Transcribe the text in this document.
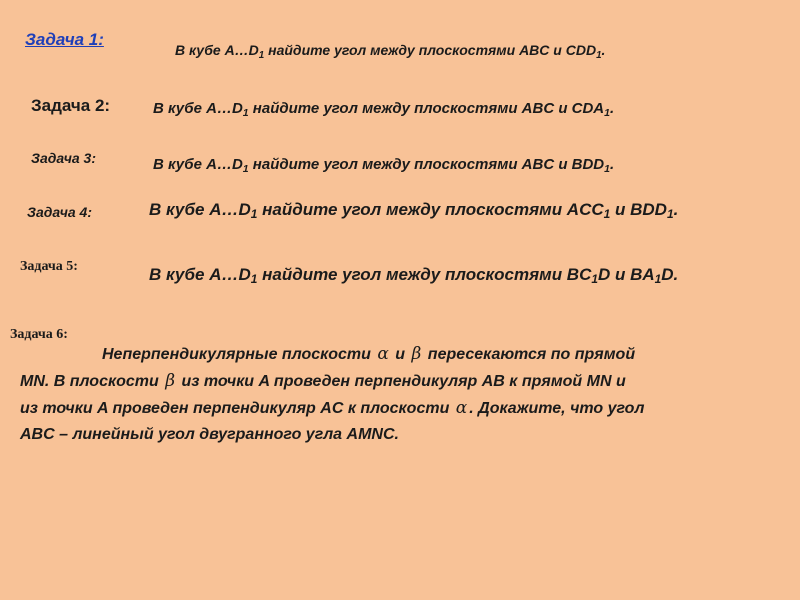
Задача 1:
В кубе $A\dots D_1$ найдите угол между плоскостями ABC и $CDD_1$.
Задача 2:	В кубе $A\dots D_1$ найдите угол между плоскостями ABC и $CDA_1$.
Задача 3:	В кубе $A\dots D_1$ найдите угол между плоскостями ABC и $BDD_1$.
Задача 4:	В кубе $A\dots D_1$ найдите угол между плоскостями $ACC_1$ и $BDD_1$.
Задача 5:	В кубе $A\dots D_1$ найдите угол между плоскостями $BC_1D$ и $BA_1D$.
Задача 6:
Неперпендикулярные плоскости α и β пересекаются по прямой
MN. В плоскости β из точки A проведен перпендикуляр AB к прямой MN и
из точки A проведен перпендикуляр AC к плоскости α . Докажите, что угол
ABC – линейный угол двугранного угла AMNC.
